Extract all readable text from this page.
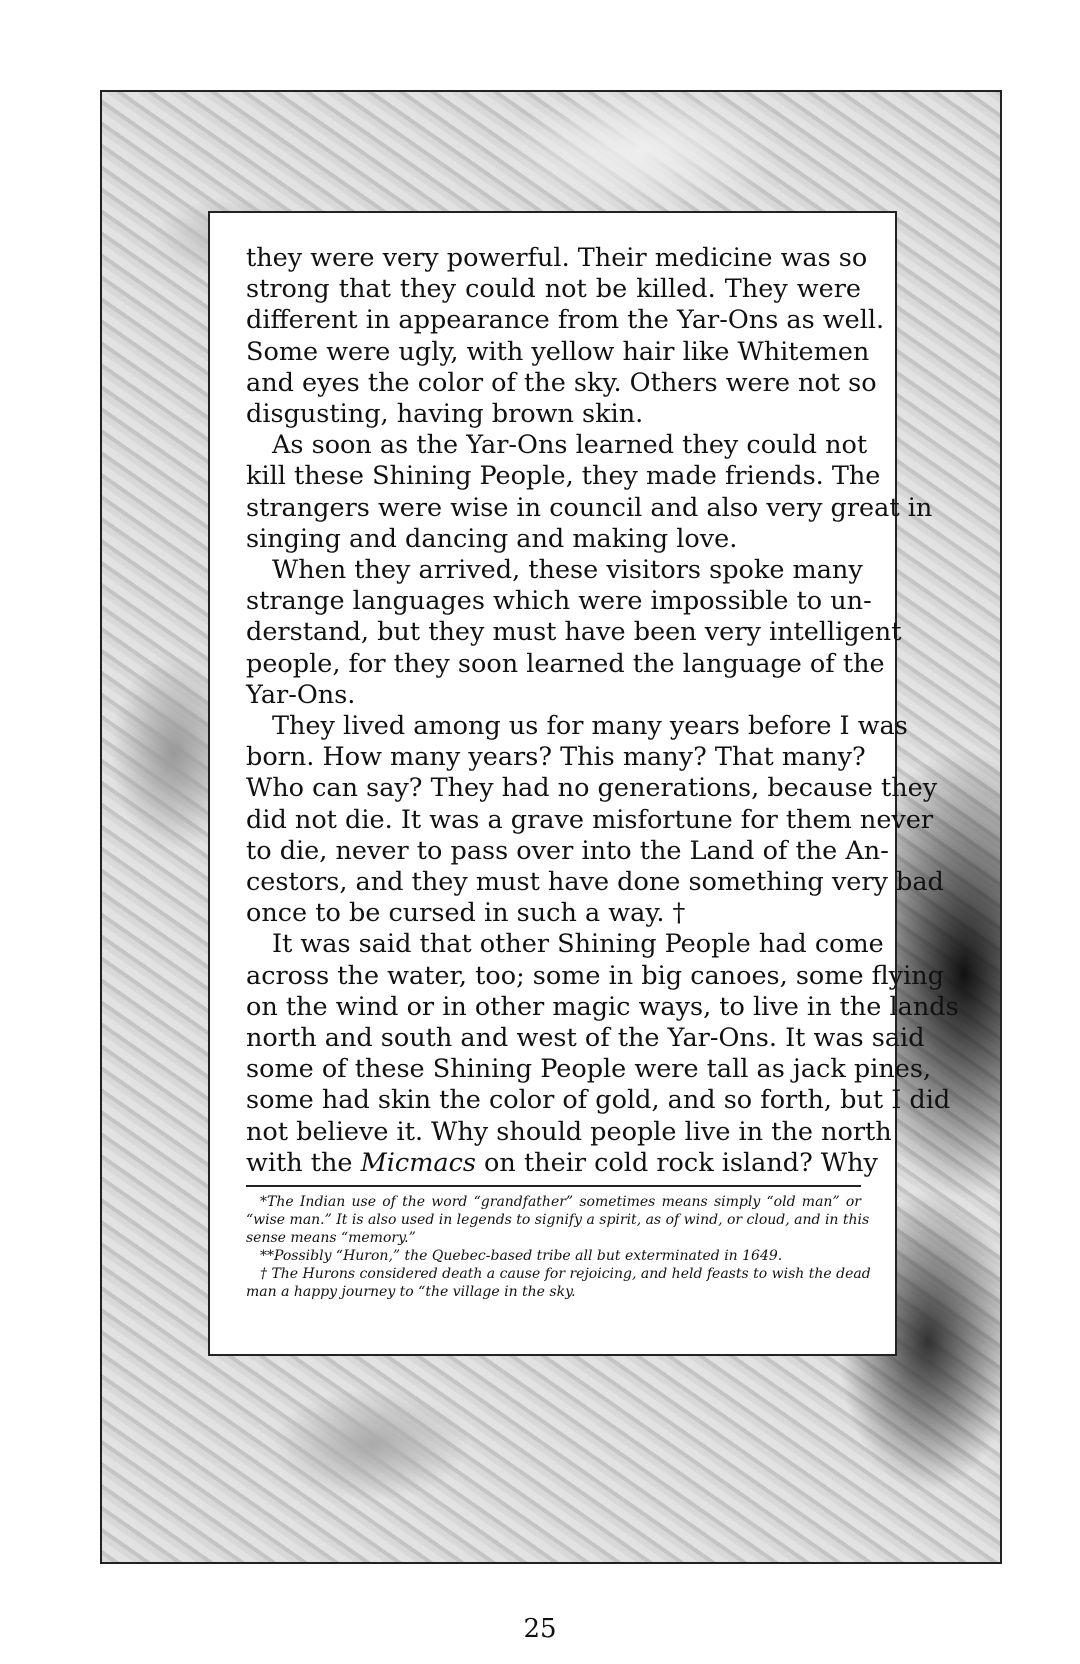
they were very powerful. Their medicine was so
strong that they could not be killed. They were
different in appearance from the Yar-Ons as well.
Some were ugly, with yellow hair like Whitemen
and eyes the color of the sky. Others were not so
disgusting, having brown skin.
As soon as the Yar-Ons learned they could not
kill these Shining People, they made friends. The
strangers were wise in council and also very great in
singing and dancing and making love.
When they arrived, these visitors spoke many
strange languages which were impossible to un-
derstand, but they must have been very intelligent
people, for they soon learned the language of the
Yar-Ons.
They lived among us for many years before I was
born. How many years? This many? That many?
Who can say? They had no generations, because they
did not die. It was a grave misfortune for them never
to die, never to pass over into the Land of the An-
cestors, and they must have done something very bad
once to be cursed in such a way. †
It was said that other Shining People had come
across the water, too; some in big canoes, some flying
on the wind or in other magic ways, to live in the lands
north and south and west of the Yar-Ons. It was said
some of these Shining People were tall as jack pines,
some had skin the color of gold, and so forth, but I did
not believe it. Why should people live in the north
with the Micmacs on their cold rock island? Why

*The Indian use of the word “grandfather” sometimes means simply “old man” or
“wise man.” It is also used in legends to signify a spirit, as of wind, or cloud, and in this
sense means “memory.”

**Possibly “Huron,” the Quebec-based tribe all but exterminated in 1649.

† The Hurons considered death a cause for rejoicing, and held feasts to wish the dead
man a happy journey to “the village in the sky.

25
